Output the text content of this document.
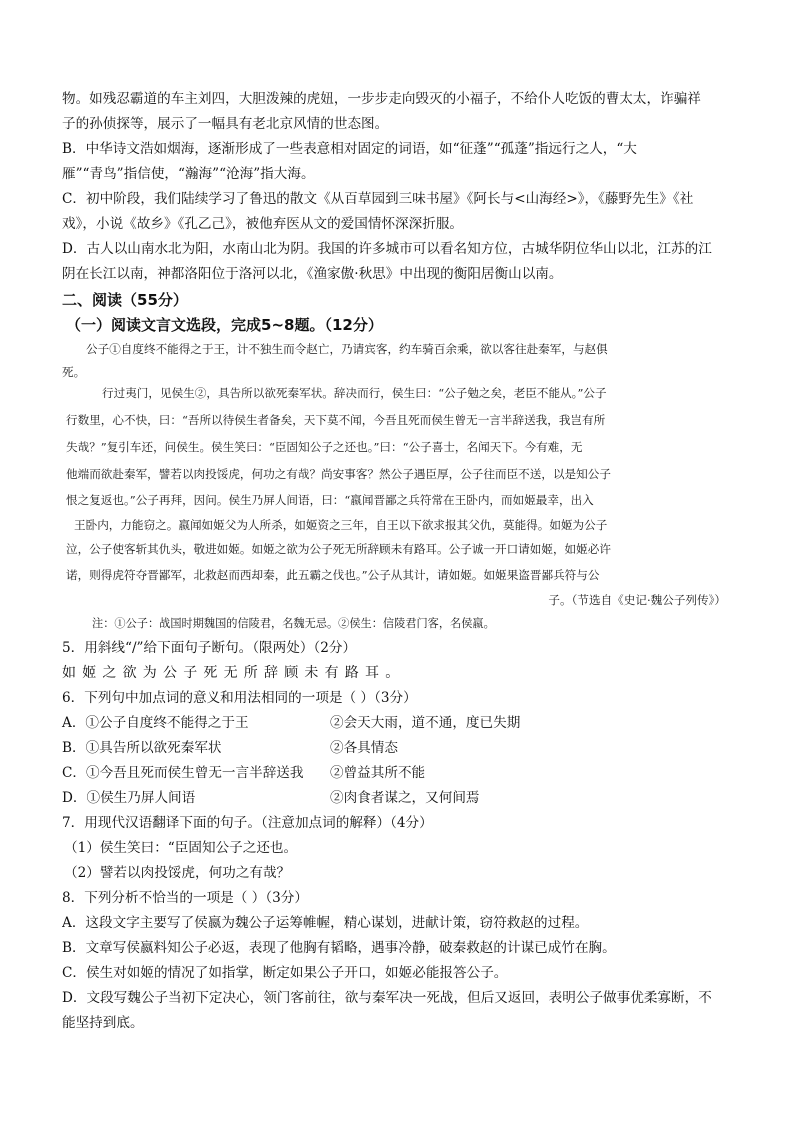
物。如残忍霸道的车主刘四，大胆泼辣的虎妞，一步步走向毁灭的小福子，不给仆人吃饭的曹太太，诈骗祥
子的孙侦探等，展示了一幅具有老北京风情的世态图。
B．中华诗文浩如烟海，逐渐形成了一些表意相对固定的词语，如“征蓬”“孤蓬”指远行之人，“大
雁”“青鸟”指信使，“瀚海”“沧海”指大海。
C．初中阶段，我们陆续学习了鲁迅的散文《从百草园到三味书屋》《阿长与<山海经>》，《藤野先生》《社
戏》，小说《故乡》《孔乙己》，被他弃医从文的爱国情怀深深折服。
D．古人以山南水北为阳，水南山北为阴。我国的许多城市可以看名知方位，古城华阴位华山以北，江苏的江
阴在长江以南，神都洛阳位于洛河以北，《渔家傲·秋思》中出现的衡阳居衡山以南。
二、阅读（55分）
（一）阅读文言文选段，完成5~8题。（12分）
公子①自度终不能得之于王，计不独生而令赵亡，乃请宾客，约车骑百余乘，欲以客往赴秦军，与赵俱
死。
行过夷门，见侯生②，具告所以欲死秦军状。辞决而行，侯生曰：“公子勉之矣，老臣不能从。”公子
行数里，心不快，曰：“吾所以待侯生者备矣，天下莫不闻，今吾且死而侯生曾无一言半辞送我，我岂有所
失哉？”复引车还，问侯生。侯生笑曰：“臣固知公子之还也。”曰：“公子喜士，名闻天下。今有难，无
他端而欲赴秦军，譬若以肉投馁虎，何功之有哉？尚安事客？然公子遇臣厚，公子往而臣不送，以是知公子
恨之复返也。”公子再拜，因问。侯生乃屏人间语，曰：“嬴闻晋鄙之兵符常在王卧内，而如姬最幸，出入
王卧内，力能窃之。嬴闻如姬父为人所杀，如姬资之三年，自王以下欲求报其父仇，莫能得。如姬为公子
泣，公子使客斩其仇头，敬进如姬。如姬之欲为公子死无所辞顾未有路耳。公子诚一开口请如姬，如姬必许
诺，则得虎符夺晋鄙军，北救赵而西却秦，此五霸之伐也。”公子从其计，请如姬。如姬果盗晋鄙兵符与公
子。（节选自《史记·魏公子列传》）
注：①公子：战国时期魏国的信陵君，名魏无忌。②侯生：信陵君门客，名侯嬴。
5．用斜线“/”给下面句子断句。（限两处）（2分）
如姬之欲为公子死无所辞顾未有路耳。
6．下列句中加点词的意义和用法相同的一项是（ ）（3分）
A．①公子自度终不能得之于王	②会天大雨，道不通，度已失期
B．①具告所以欲死秦军状	②各具情态
C．①今吾且死而侯生曾无一言半辞送我 ②曾益其所不能
D．①侯生乃屏人间语	②肉食者谋之，又何间焉
7．用现代汉语翻译下面的句子。（注意加点词的解释）（4分）
（1）侯生笑曰：“臣固知公子之还也。
（2）譬若以肉投馁虎，何功之有哉？
8．下列分析不恰当的一项是（ ）（3分）
A．这段文字主要写了侯嬴为魏公子运筹帷幄，精心谋划，进献计策，窃符救赵的过程。
B．文章写侯嬴料知公子必返，表现了他胸有韬略，遇事冷静，破秦救赵的计谋已成竹在胸。
C．侯生对如姬的情况了如指掌，断定如果公子开口，如姬必能报答公子。
D．文段写魏公子当初下定决心，领门客前往，欲与秦军决一死战，但后又返回，表明公子做事优柔寡断，不
能坚持到底。
